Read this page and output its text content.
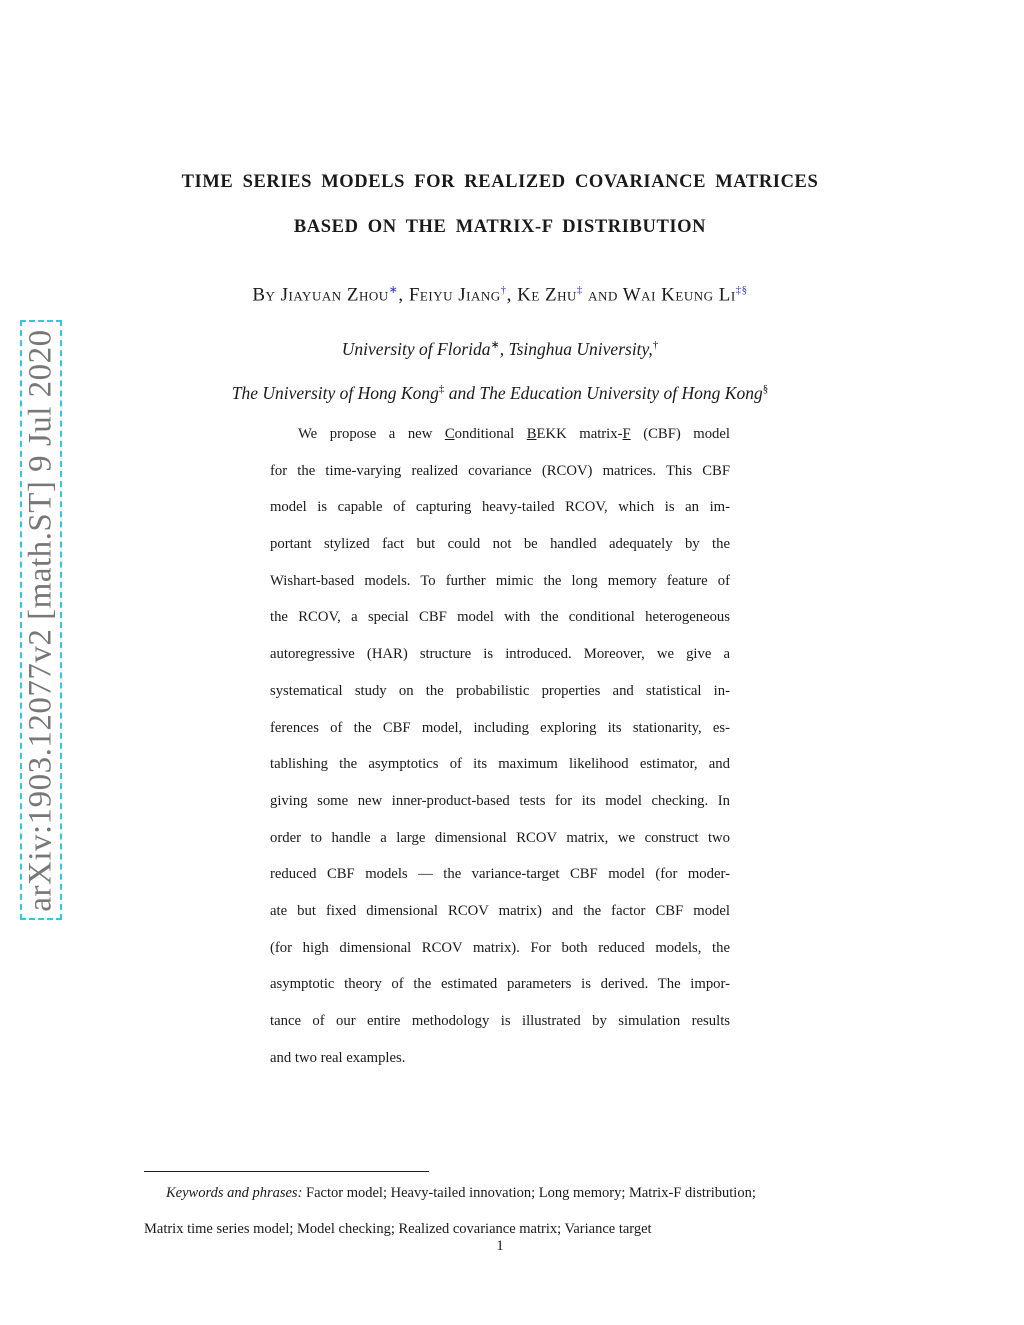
arXiv:1903.12077v2 [math.ST] 9 Jul 2020
TIME SERIES MODELS FOR REALIZED COVARIANCE MATRICES
BASED ON THE MATRIX-F DISTRIBUTION
By Jiayuan Zhou∗, Feiyu Jiang†, Ke Zhu‡ and Wai Keung Li‡§
University of Florida∗, Tsinghua University,†
The University of Hong Kong‡ and The Education University of Hong Kong§
We propose a new Conditional BEKK matrix-F (CBF) model
for the time-varying realized covariance (RCOV) matrices. This CBF
model is capable of capturing heavy-tailed RCOV, which is an im-
portant stylized fact but could not be handled adequately by the
Wishart-based models. To further mimic the long memory feature of
the RCOV, a special CBF model with the conditional heterogeneous
autoregressive (HAR) structure is introduced. Moreover, we give a
systematical study on the probabilistic properties and statistical in-
ferences of the CBF model, including exploring its stationarity, es-
tablishing the asymptotics of its maximum likelihood estimator, and
giving some new inner-product-based tests for its model checking. In
order to handle a large dimensional RCOV matrix, we construct two
reduced CBF models — the variance-target CBF model (for moder-
ate but fixed dimensional RCOV matrix) and the factor CBF model
(for high dimensional RCOV matrix). For both reduced models, the
asymptotic theory of the estimated parameters is derived. The impor-
tance of our entire methodology is illustrated by simulation results
and two real examples.
Keywords and phrases: Factor model; Heavy-tailed innovation; Long memory; Matrix-F distribution;
Matrix time series model; Model checking; Realized covariance matrix; Variance target
1
